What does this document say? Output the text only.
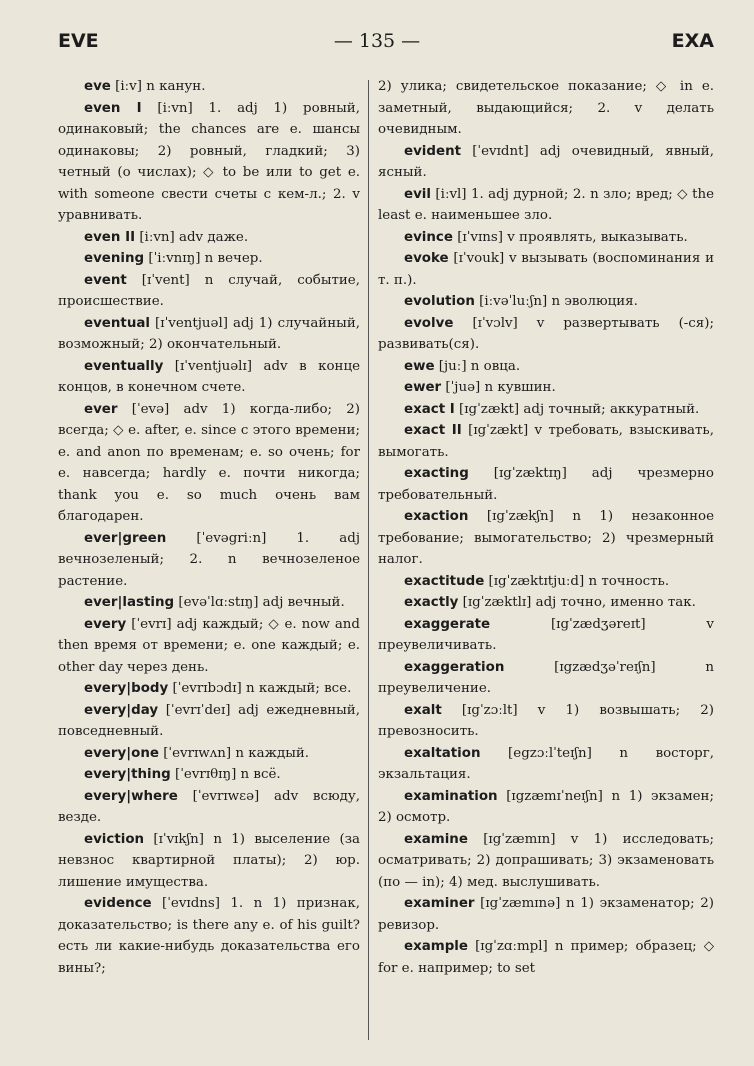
EVE	— 135 —	EXA

eve [iːv] n канун.

even I [iːvn] 1. adj 1) ровный, одинаковый; the chances are e. шансы одинаковы; 2) ровный, гладкий; 3) четный (о числах); ◇ to be или to get e. with someone свести счеты с кем-л.; 2. v уравнивать.

even II [iːvn] adv даже.

evening [ˈiːvnɪŋ] n вечер.

event [ɪˈvent] n случай, событие, происшествие.

eventual [ɪˈventjuəl] adj 1) случайный, возможный; 2) окончательный.

eventually [ɪˈventjuəlɪ] adv в конце концов, в конечном счете.

ever [ˈevə] adv 1) когда-либо; 2) всегда; ◇ e. after, e. since с этого времени; e. and anon по временам; e. so очень; for e. навсегда; hardly e. почти никогда; thank you e. so much очень вам благодарен.

ever|green [ˈevəgriːn] 1. adj вечнозеленый; 2. n вечнозеленое растение.

ever|lasting [evəˈlɑːstɪŋ] adj вечный.

every [ˈevrɪ] adj каждый; ◇ e. now and then время от времени; e. one каждый; e. other day через день.

every|body [ˈevrɪbɔdɪ] n каждый; все.

every|day [ˈevrɪˈdeɪ] adj ежедневный, повседневный.

every|one [ˈevrɪwʌn] n каждый.

every|thing [ˈevrɪθɪŋ] n всё.

every|where [ˈevrɪwɛə] adv всюду, везде.

eviction [ɪˈvɪkʃn] n 1) выселение (за невзнос квартирной платы); 2) юр. лишение имущества.

evidence [ˈevɪdns] 1. n 1) признак, доказательство; is there any e. of his guilt? есть ли какие-нибудь доказательства его вины?;

2) улика; свидетельское показание; ◇ in e. заметный, выдающийся; 2. v делать очевидным.

evident [ˈevɪdnt] adj очевидный, явный, ясный.

evil [iːvl] 1. adj дурной; 2. n зло; вред; ◇ the least e. наименьшее зло.

evince [ɪˈvɪns] v проявлять, выказывать.

evoke [ɪˈvouk] v вызывать (воспоминания и т. п.).

evolution [iːvəˈluːʃn] n эволюция.

evolve [ɪˈvɔlv] v развертывать (-ся); развивать(ся).

ewe [juː] n овца.

ewer [ˈjuə] n кувшин.

exact I [ɪgˈzækt] adj точный; аккуратный.

exact II [ɪgˈzækt] v требовать, взыскивать, вымогать.

exacting [ɪgˈzæktɪŋ] adj чрезмерно требовательный.

exaction [ɪgˈzækʃn] n 1) незаконное требование; вымогательство; 2) чрезмерный налог.

exactitude [ɪgˈzæktɪtjuːd] n точность.

exactly [ɪgˈzæktlɪ] adj точно, именно так.

exaggerate [ɪgˈzædʒəreɪt] v преувеличивать.

exaggeration [ɪgzædʒəˈreɪʃn] n преувеличение.

exalt [ɪgˈzɔːlt] v 1) возвышать; 2) превозносить.

exaltation [egzɔːlˈteɪʃn] n восторг, экзальтация.

examination [ɪgzæmɪˈneɪʃn] n 1) экзамен; 2) осмотр.

examine [ɪgˈzæmɪn] v 1) исследовать; осматривать; 2) допрашивать; 3) экзаменовать (по — in); 4) мед. выслушивать.

examiner [ɪgˈzæmɪnə] n 1) экзаменатор; 2) ревизор.

example [ɪgˈzɑːmpl] n пример; образец; ◇ for e. например; to set
